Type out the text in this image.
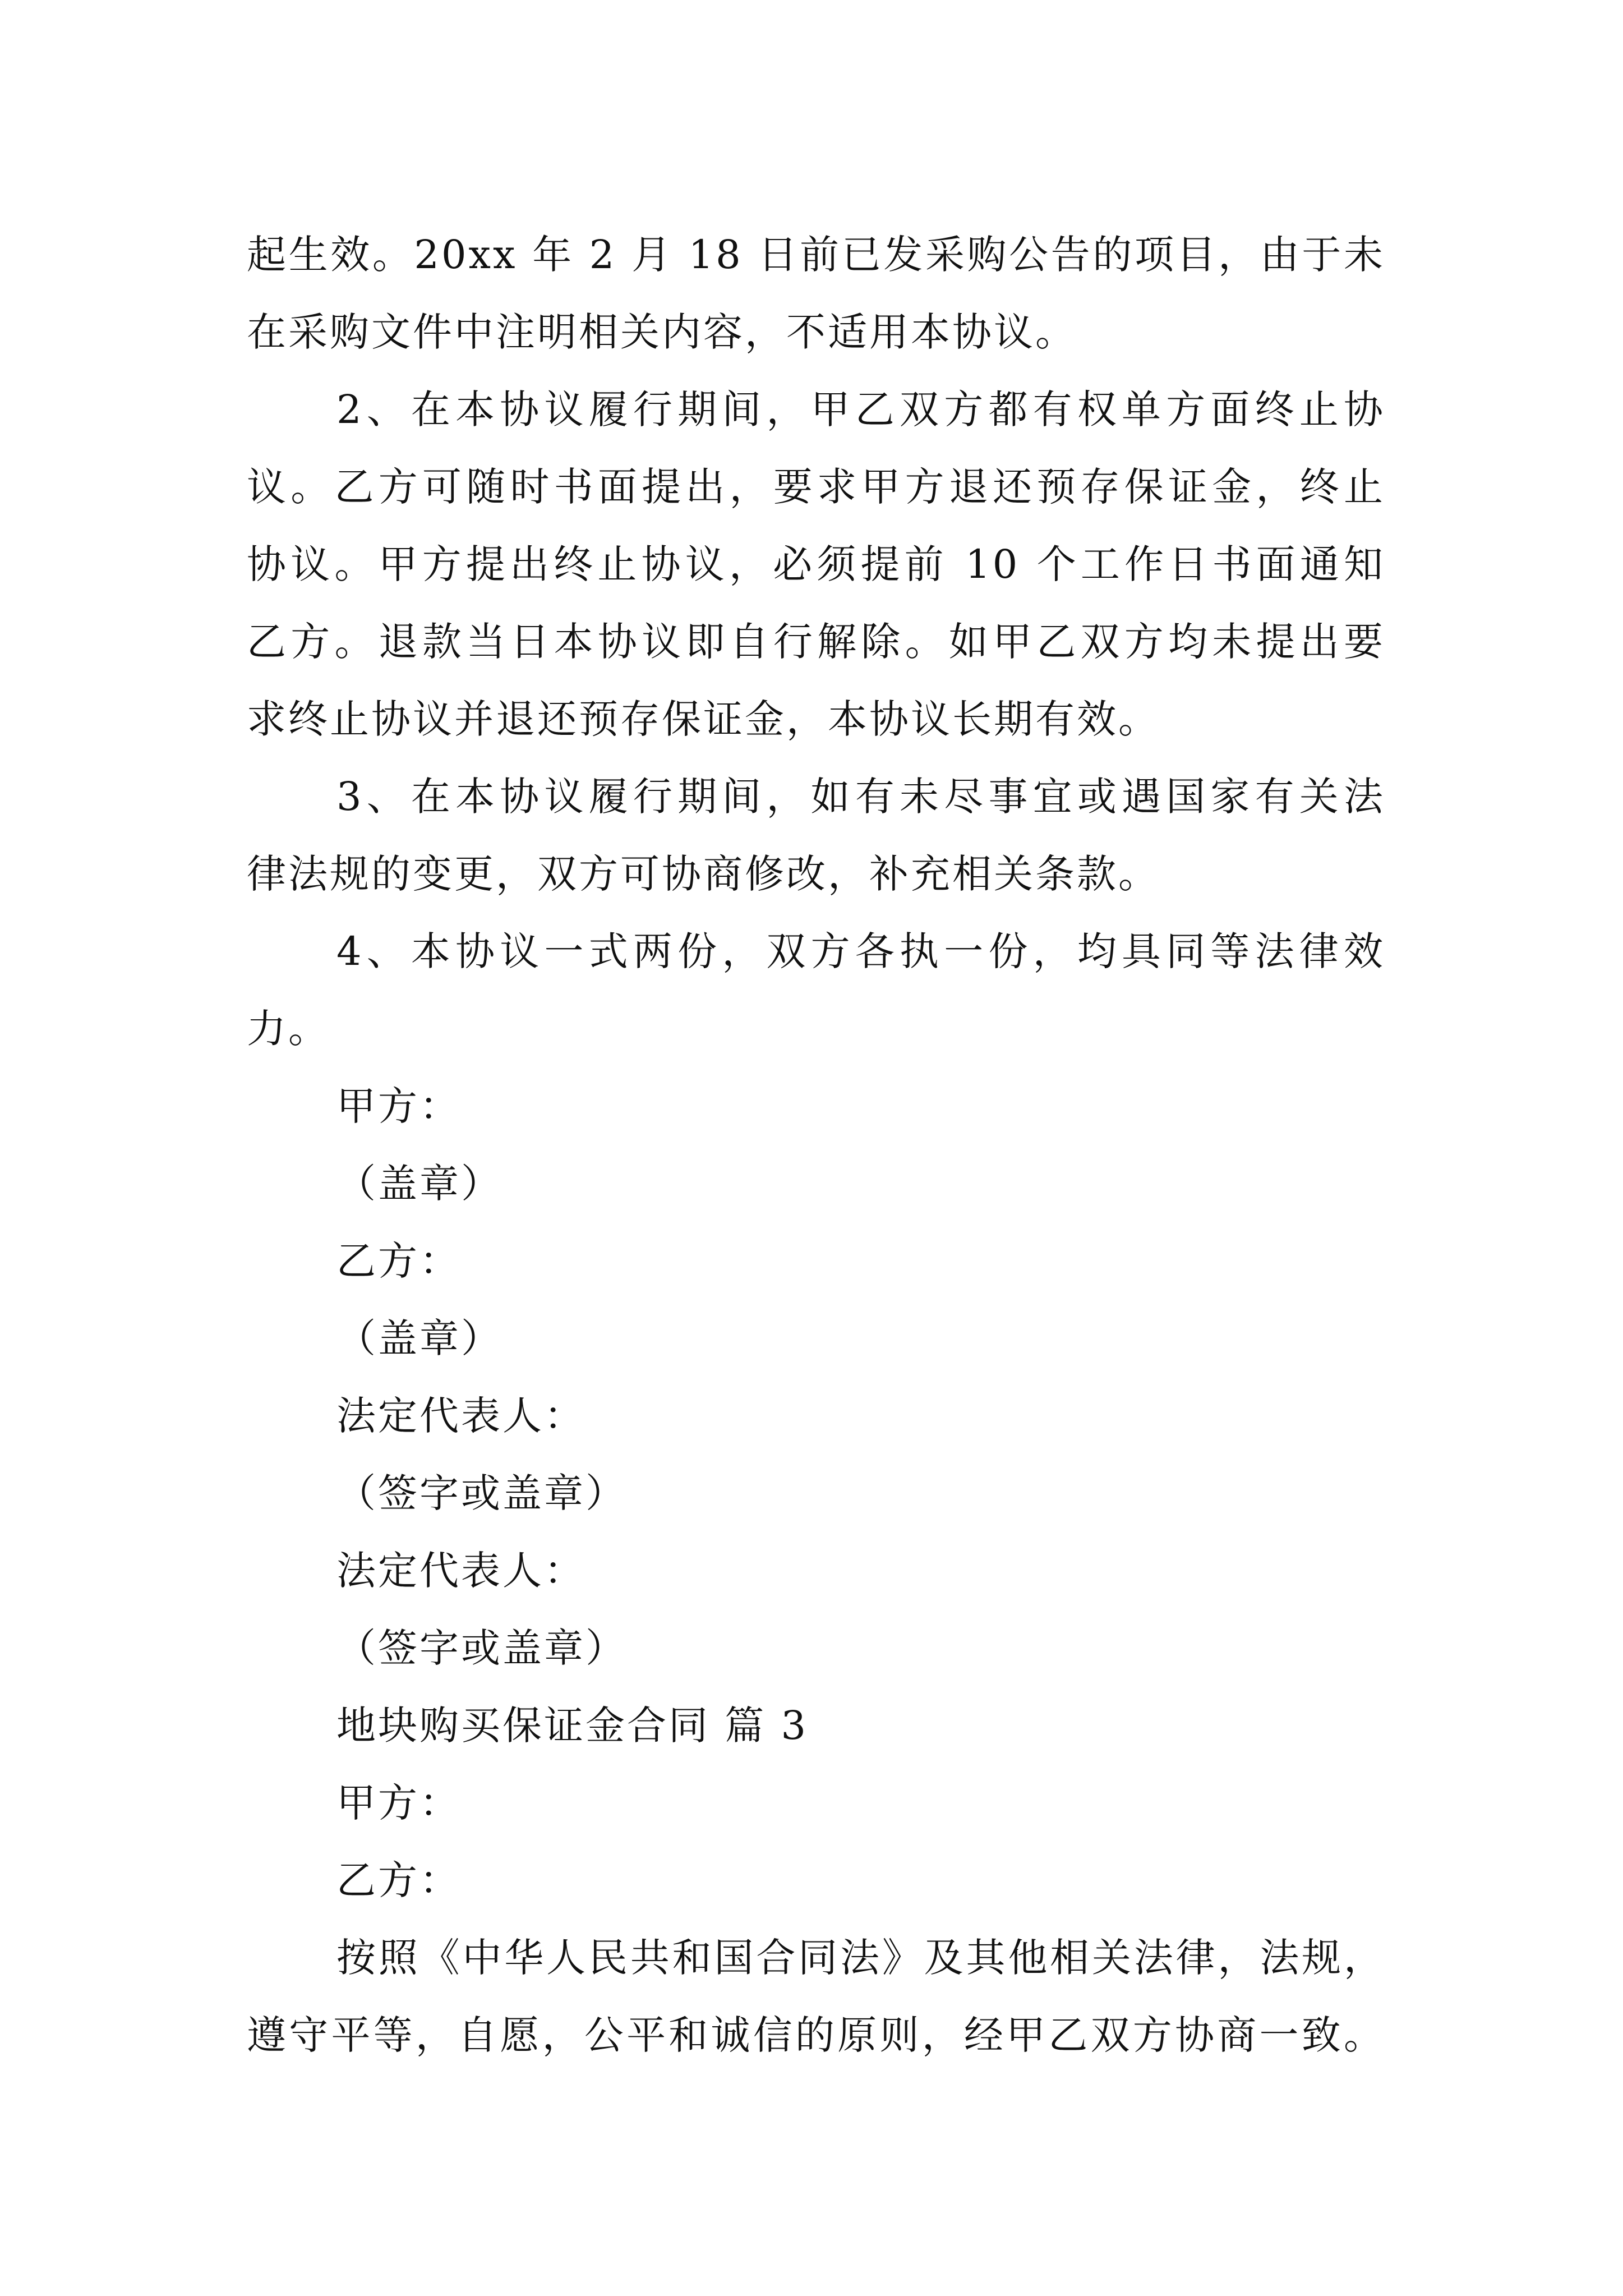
起生效。20xx 年 2 月 18 日前已发采购公告的项目，由于未

在采购文件中注明相关内容，不适用本协议。

2、在本协议履行期间，甲乙双方都有权单方面终止协

议。乙方可随时书面提出，要求甲方退还预存保证金，终止

协议。甲方提出终止协议，必须提前 10 个工作日书面通知

乙方。退款当日本协议即自行解除。如甲乙双方均未提出要

求终止协议并退还预存保证金，本协议长期有效。

3、在本协议履行期间，如有未尽事宜或遇国家有关法

律法规的变更，双方可协商修改，补充相关条款。

4、本协议一式两份，双方各执一份，均具同等法律效

力。

甲方：

（盖章）

乙方：

（盖章）

法定代表人：

（签字或盖章）

法定代表人：

（签字或盖章）

地块购买保证金合同 篇 3

甲方：

乙方：

按照《中华人民共和国合同法》及其他相关法律，法规，

遵守平等，自愿，公平和诚信的原则，经甲乙双方协商一致。
